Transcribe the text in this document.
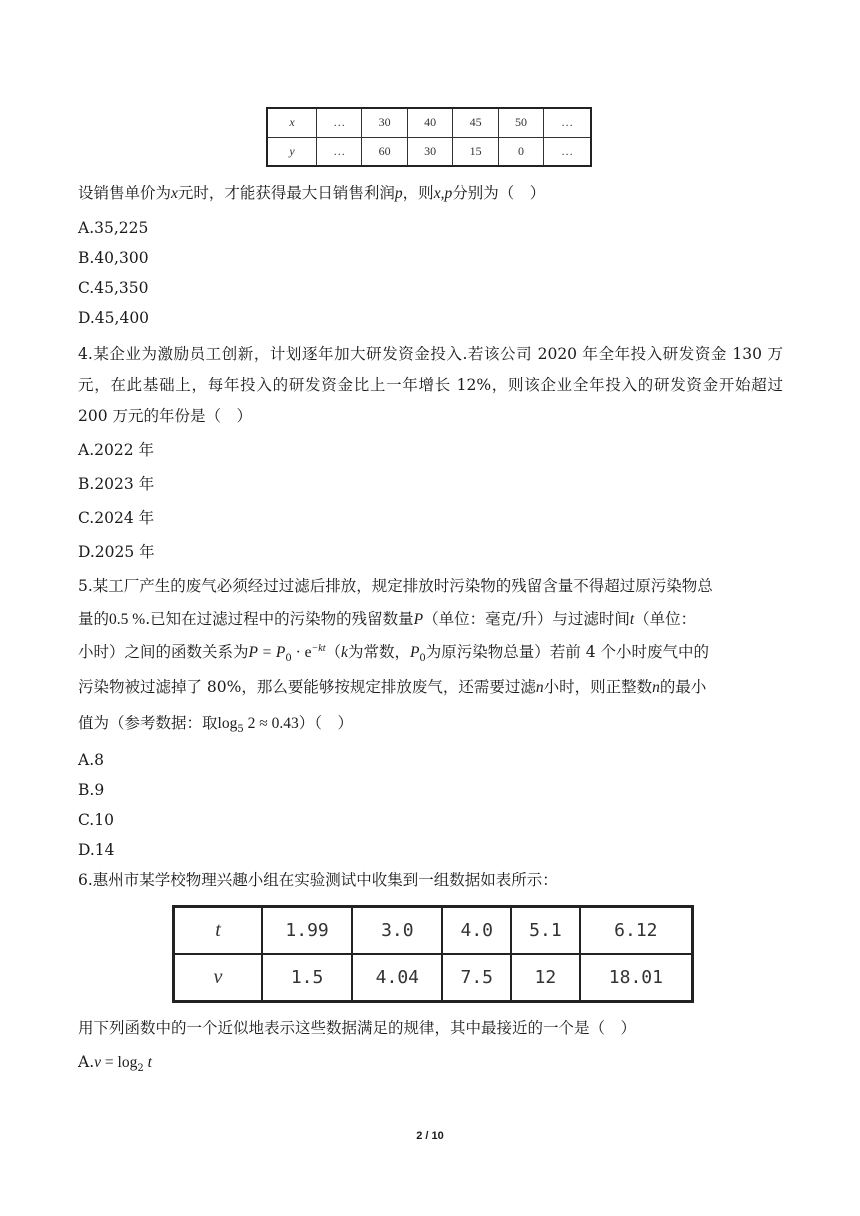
x	…	30	40	45	50	…
y	…	60	30	15	0	…
设销售单价为x元时，才能获得最大日销售利润p，则x,p分别为（　）
A.35,225
B.40,300
C.45,350
D.45,400
4.某企业为激励员工创新，计划逐年加大研发资金投入.若该公司 2020 年全年投入研发资金 130 万元，在此基础上，每年投入的研发资金比上一年增长 12%，则该企业全年投入的研发资金开始超过 200 万元的年份是（　）
A.2022 年
B.2023 年
C.2024 年
D.2025 年
5.某工厂产生的废气必须经过过滤后排放，规定排放时污染物的残留含量不得超过原污染物总
量的0.5 %.已知在过滤过程中的污染物的残留数量P（单位：毫克/升）与过滤时间t（单位：
小时）之间的函数关系为$P = P_0 \cdot e^{-kt}(k$为常数，$P_0$为原污染物总量）若前 4 个小时废气中的
污染物被过滤掉了 80%，那么要能够按规定排放废气，还需要过滤n小时，则正整数n的最小
值为（参考数据：取$\log_5 2 \approx 0.43$）（　）
A.8
B.9
C.10
D.14
6.惠州市某学校物理兴趣小组在实验测试中收集到一组数据如表所示：
t	1.99	3.0	4.0	5.1	6.12
v	1.5	4.04	7.5	12	18.01
用下列函数中的一个近似地表示这些数据满足的规律，其中最接近的一个是（　）
$A.v = \log_2 t$
2 / 10
